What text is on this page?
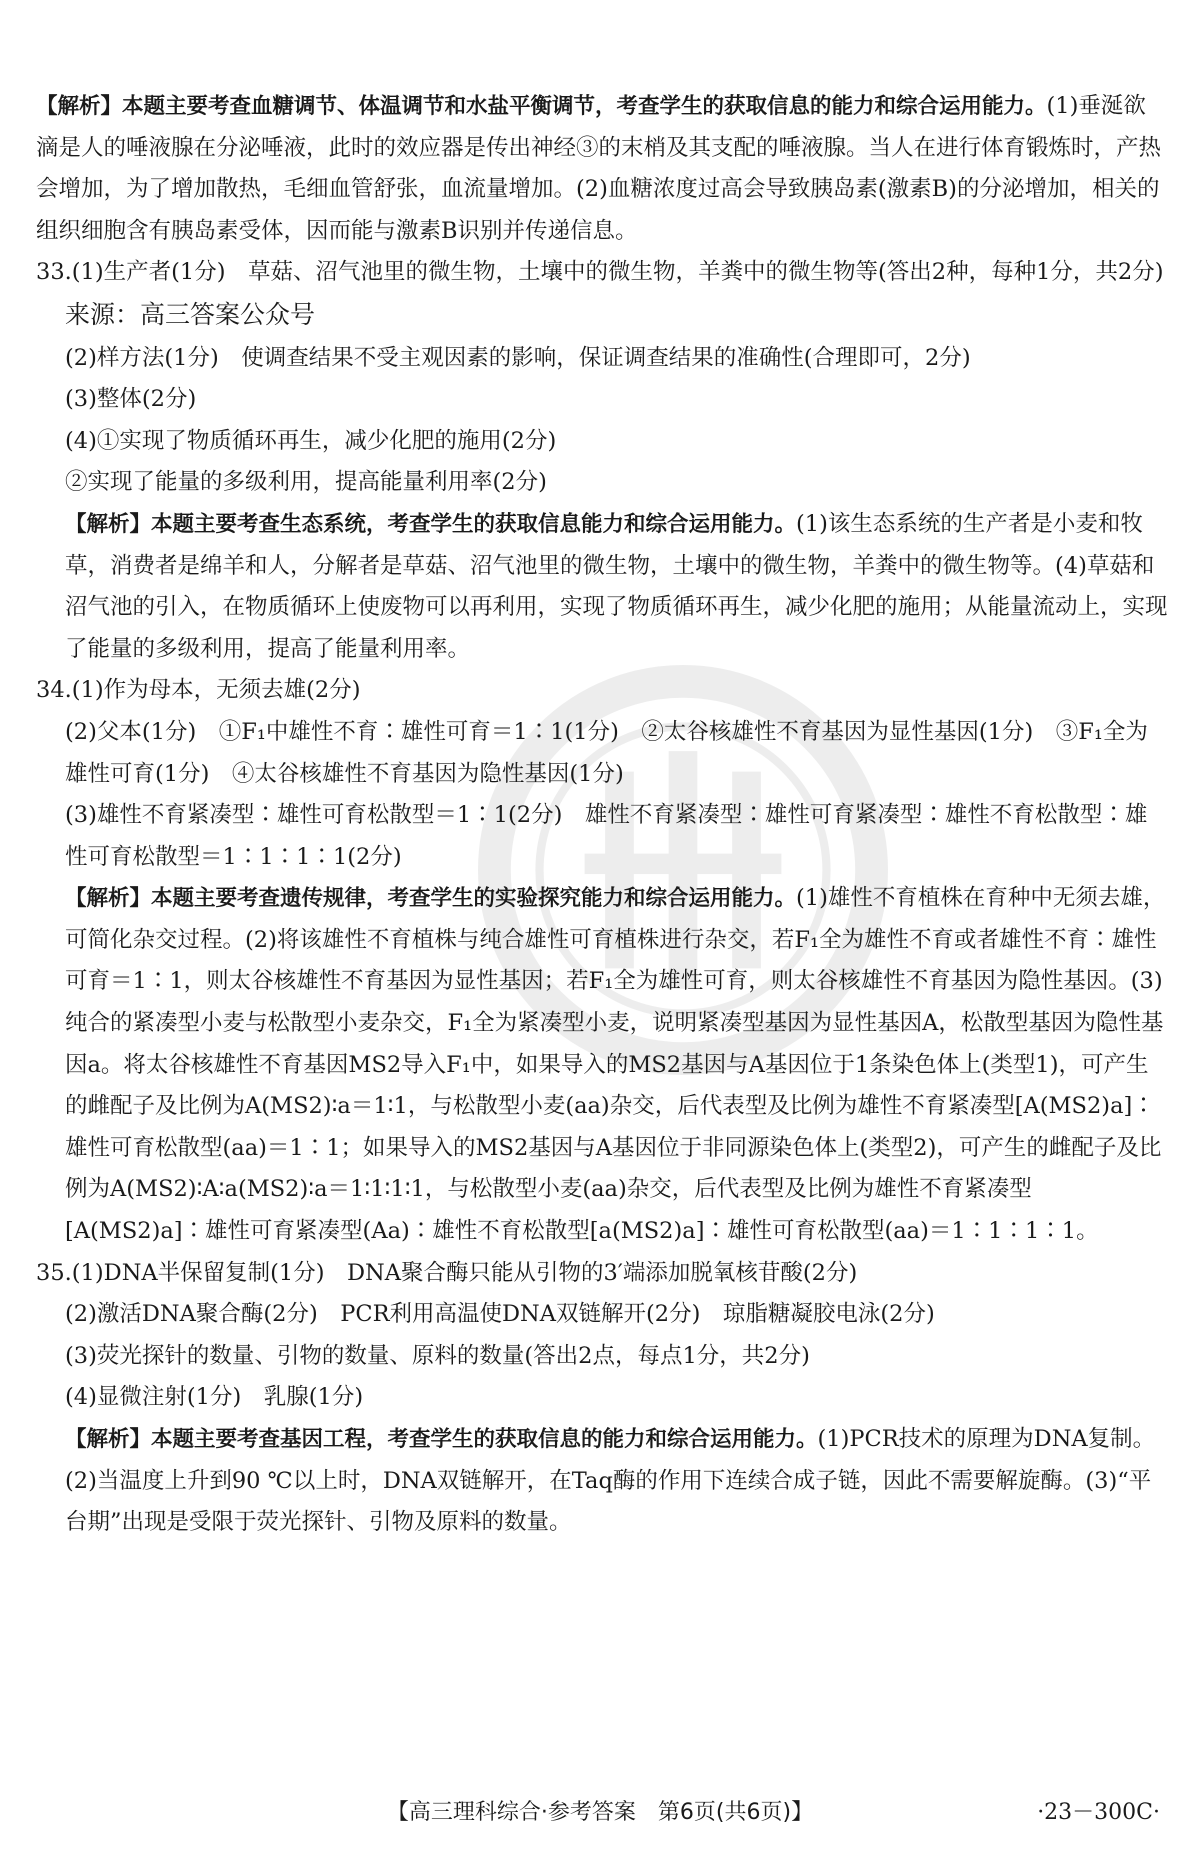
【解析】本题主要考查血糖调节、体温调节和水盐平衡调节，考查学生的获取信息的能力和综合运用能力。(1)垂涎欲滴是人的唾液腺在分泌唾液，此时的效应器是传出神经③的末梢及其支配的唾液腺。当人在进行体育锻炼时，产热会增加，为了增加散热，毛细血管舒张，血流量增加。(2)血糖浓度过高会导致胰岛素(激素B)的分泌增加，相关的组织细胞含有胰岛素受体，因而能与激素B识别并传递信息。

33.(1)生产者(1分)　草菇、沼气池里的微生物，土壤中的微生物，羊粪中的微生物等(答出2种，每种1分，共2分)来源：高三答案公众号

(2)样方法(1分)　使调查结果不受主观因素的影响，保证调查结果的准确性(合理即可，2分)

(3)整体(2分)

(4)①实现了物质循环再生，减少化肥的施用(2分)

②实现了能量的多级利用，提高能量利用率(2分)

【解析】本题主要考查生态系统，考查学生的获取信息能力和综合运用能力。(1)该生态系统的生产者是小麦和牧草，消费者是绵羊和人，分解者是草菇、沼气池里的微生物，土壤中的微生物，羊粪中的微生物等。(4)草菇和沼气池的引入，在物质循环上使废物可以再利用，实现了物质循环再生，减少化肥的施用；从能量流动上，实现了能量的多级利用，提高了能量利用率。

34.(1)作为母本，无须去雄(2分)

(2)父本(1分)　①F₁中雄性不育∶雄性可育＝1∶1(1分)　②太谷核雄性不育基因为显性基因(1分)　③F₁全为雄性可育(1分)　④太谷核雄性不育基因为隐性基因(1分)

(3)雄性不育紧凑型∶雄性可育松散型＝1∶1(2分)　雄性不育紧凑型∶雄性可育紧凑型∶雄性不育松散型∶雄性可育松散型＝1∶1∶1∶1(2分)

【解析】本题主要考查遗传规律，考查学生的实验探究能力和综合运用能力。(1)雄性不育植株在育种中无须去雄，可简化杂交过程。(2)将该雄性不育植株与纯合雄性可育植株进行杂交，若F₁全为雄性不育或者雄性不育∶雄性可育＝1∶1，则太谷核雄性不育基因为显性基因；若F₁全为雄性可育，则太谷核雄性不育基因为隐性基因。(3)纯合的紧凑型小麦与松散型小麦杂交，F₁全为紧凑型小麦，说明紧凑型基因为显性基因A，松散型基因为隐性基因a。将太谷核雄性不育基因MS2导入F₁中，如果导入的MS2基因与A基因位于1条染色体上(类型1)，可产生的雌配子及比例为A(MS2)∶a＝1∶1，与松散型小麦(aa)杂交，后代表型及比例为雄性不育紧凑型[A(MS2)a]∶雄性可育松散型(aa)＝1∶1；如果导入的MS2基因与A基因位于非同源染色体上(类型2)，可产生的雌配子及比例为A(MS2)∶A∶a(MS2)∶a＝1∶1∶1∶1，与松散型小麦(aa)杂交，后代表型及比例为雄性不育紧凑型[A(MS2)a]∶雄性可育紧凑型(Aa)∶雄性不育松散型[a(MS2)a]∶雄性可育松散型(aa)＝1∶1∶1∶1。

35.(1)DNA半保留复制(1分)　DNA聚合酶只能从引物的3′端添加脱氧核苷酸(2分)

(2)激活DNA聚合酶(2分)　PCR利用高温使DNA双链解开(2分)　琼脂糖凝胶电泳(2分)

(3)荧光探针的数量、引物的数量、原料的数量(答出2点，每点1分，共2分)

(4)显微注射(1分)　乳腺(1分)

【解析】本题主要考查基因工程，考查学生的获取信息的能力和综合运用能力。(1)PCR技术的原理为DNA复制。(2)当温度上升到90 ℃以上时，DNA双链解开，在Taq酶的作用下连续合成子链，因此不需要解旋酶。(3)“平台期”出现是受限于荧光探针、引物及原料的数量。

【高三理科综合·参考答案　第6页(共6页)】	·23－300C·
